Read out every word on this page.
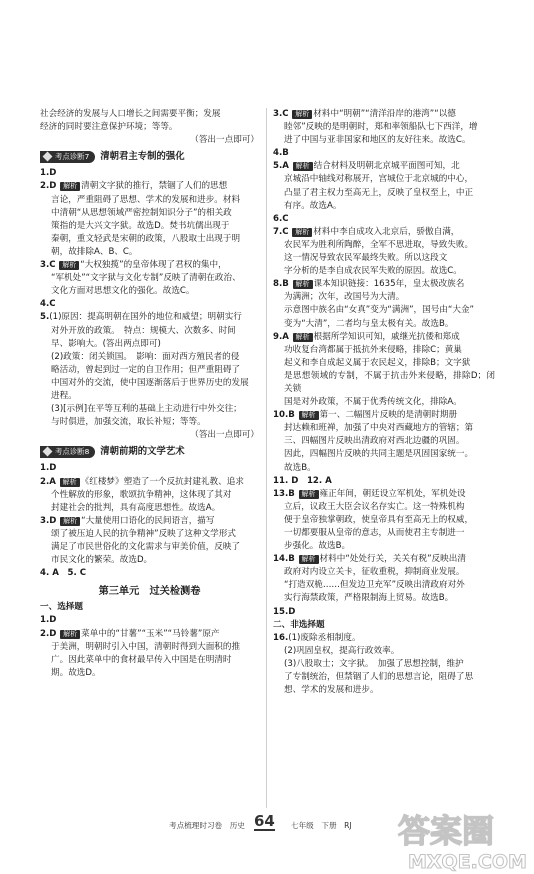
社会经济的发展与人口增长之间需要平衡；发展

经济的同时要注意保护环境；等等。

（答出一点即可）

考点诊断7	清朝君主专制的强化

1.D

2.D 解析 清朝文字狱的推行，禁锢了人们的思想

言论，严重阻碍了思想、学术的发展和进步。材料

中清朝“从思想领域严密控制知识分子”的相关政

策指的是大兴文字狱。故选D。焚书坑儒出现于

秦朝，重文轻武是宋朝的政策，八股取士出现于明

朝，故排除A、B、C。

3.C 解析 “大权独揽”的皇帝体现了君权的集中，

“军机处”“文字狱与文化专制”反映了清朝在政治、

文化方面对思想文化的强化。故选C。

4.C

5.(1)原因：提高明朝在国外的地位和威望；明朝实行

对外开放的政策。　特点：规模大、次数多、时间

早、影响大。(答出两点即可)

(2)政策：闭关锁国。　影响：面对西方殖民者的侵

略活动，曾起到过一定的自卫作用；但严重阻碍了

中国对外的交流，使中国逐渐落后于世界历史的发展

进程。

(3)[示例]在平等互利的基础上主动进行中外交往；

与时俱进，加强交流，取长补短；等等。

（答出一点即可）

考点诊断8	清朝前期的文学艺术

1.D

2.A 解析 《红楼梦》塑造了一个反抗封建礼教、追求

个性解放的形象，歌颂抗争精神，这体现了其对

封建社会的批判，具有高度思想性。故选A。

3.D 解析 “大量使用口语化的民间语言，描写

颂了被压迫人民的抗争精神”反映了这种文学形式

满足了市民世俗化的文化需求与审美价值，反映了

市民文化的繁荣。故选D。

4. A　5. C

第三单元　过关检测卷

一、选择题

1.D

2.D 解析 菜单中的“甘薯”“玉米”“马铃薯”原产

于美洲，明朝时引入中国，清朝时得到大面积的推

广。因此菜单中的食材最早传入中国是在明清时

期。故选D。

3.C 解析 材料中“明朝”“清洋沿岸的港湾”“以德

睦邻”反映的是明朝时，郑和率领船队七下西洋，增

进了中国与亚非国家和地区的友好往来。故选C。

4.B

5.A 解析 结合材料及明朝北京城平面图可知，北

京城沿中轴线对称展开，宫城位于北京城的中心，

凸显了君主权力至高无上，反映了皇权至上，中正

有序。故选A。

6.C

7.C 解析 材料中李自成攻入北京后，骄傲自满，

农民军为胜利所陶醉，全军不思进取，导致失败。

这一情况导致农民军最终失败。所以这段文

字分析的是李自成农民军失败的原因。故选C。

8.B 解析 课本知识链接：1635年，皇太极改族名

为满洲；次年，改国号为大清。

示意图中族名由“女真”变为“满洲”，国号由“大金”

变为“大清”，二者均与皇太极有关。故选B。

9.A 解析 根据所学知识可知，戚继光抗倭和郑成

功收复台湾都属于抵抗外来侵略，排除C；黄巢

起义和李自成起义属于农民起义，排除B；文字狱

是思想领域的专制，不属于抗击外来侵略，排除D；闭关锁

国是对外政策，不属于优秀传统文化，排除A。

10.B 解析 第一、二幅图片反映的是清朝时期册

封达赖和班禅，加强了中央对西藏地方的管辖；第

三、四幅图片反映出清政府对西北边疆的巩固。

因此，四幅图片反映的共同主题是巩固国家统一。

故选B。

11. D　12. A

13.B 解析 雍正年间，朝廷设立军机处，军机处设

立后，议政王大臣会议名存实亡。这一特殊机构

便于皇帝独掌朝政，使皇帝具有至高无上的权威，

一切都要服从皇帝的意志，从而使君主专制进一

步强化。故选B。

14.B 解析 材料中“处处行关，关关有税”反映出清

政府对内设立关卡，征收重税，抑制商业发展。

“打造双桅……但发边卫充军”反映出清政府对外

实行海禁政策，严格限制海上贸易。故选B。

15.D

二、非选择题

16.(1)废除丞相制度。

(2)巩固皇权，提高行政效率。

(3)八股取士；文字狱。　加强了思想控制，维护

了专制统治，但禁锢了人们的思想言论，阻碍了思

想、学术的发展和进步。

考点梳理时习卷　历史 64 七年级　下册　RJ 答案圈
MXQE.COM
